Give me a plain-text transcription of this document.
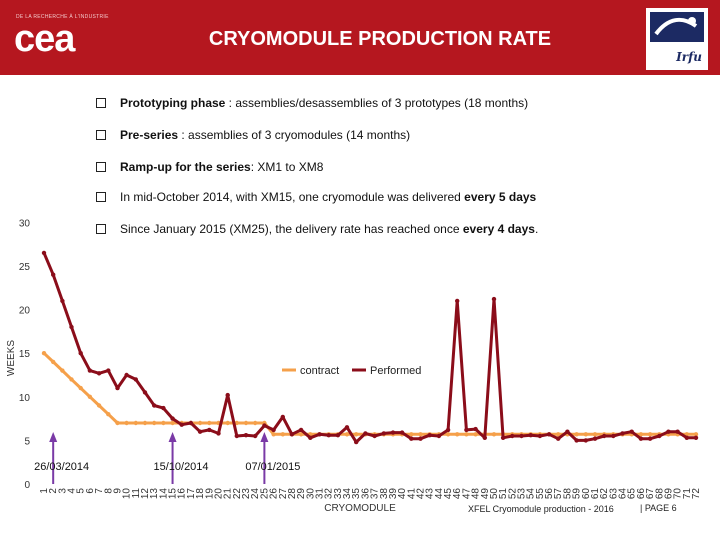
DE LA RECHERCHE À L'INDUSTRIE
cea	CRYOMODULE PRODUCTION RATE
Irfu
0
5
10
15
20
25
30
1
2
3
4
5
6
7
8
9
10
11
12
13
14
15
16
17
18
19
20
21
22
23
24
25
26
27
28
29
30
31
32
33
34
35
36
37
38
39
40
41
42
43
44
45
46
47
48
49
50
51
52
53
54
55
56
57
58
59
60
61
62
63
64
65
66
67
68
69
70
71
72
WEEKS
CRYOMODULE
contract	Performed
26/03/2014	15/10/2014	07/01/2015
Prototyping phase : assemblies/desassemblies of 3 prototypes (18 months)
Pre-series : assemblies of 3 cryomodules (14 months)
Ramp-up for the series: XM1 to XM8
In mid-October 2014, with XM15, one cryomodule was delivered every 5 days
Since January 2015 (XM25), the delivery rate has reached once every 4 days.
XFEL Cryomodule production - 2016	| PAGE 6
